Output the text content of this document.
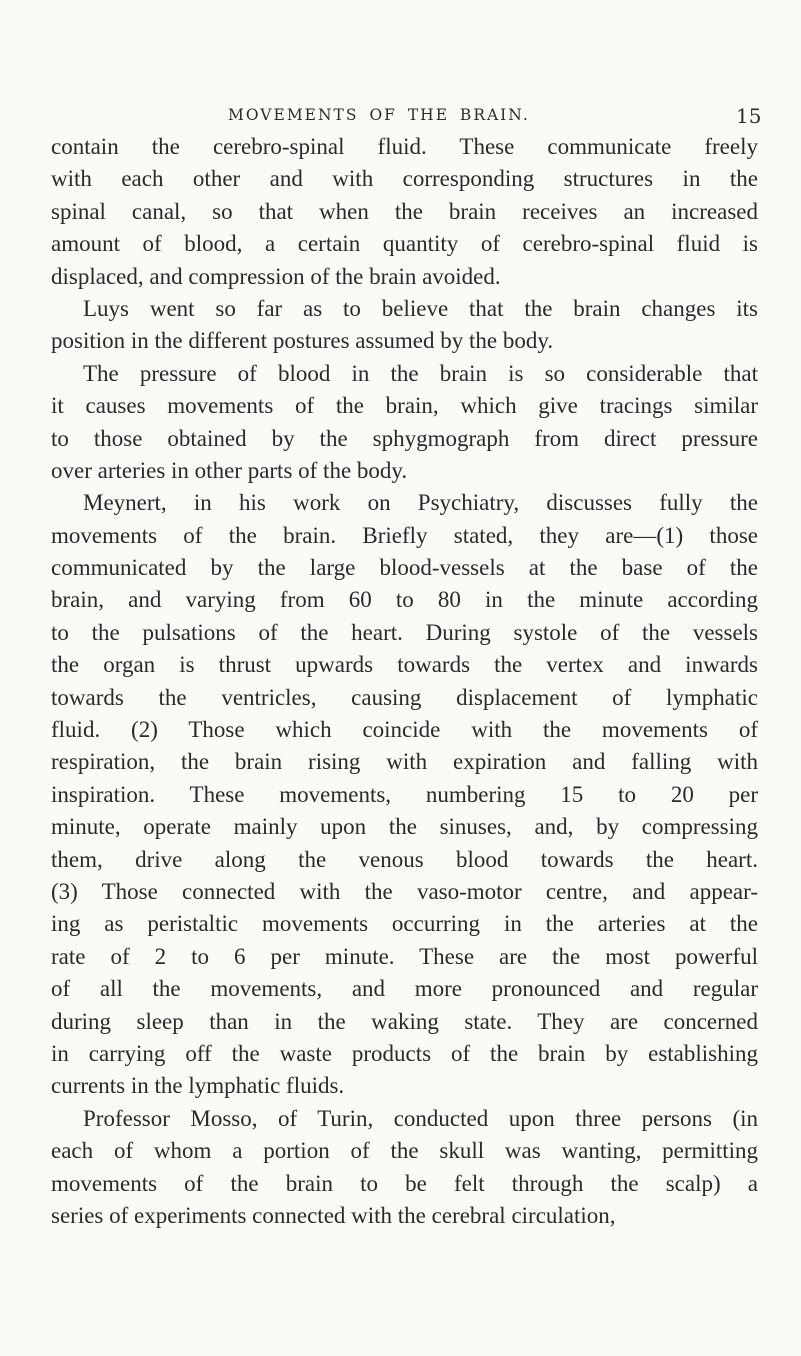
MOVEMENTS OF THE BRAIN.	15
contain the cerebro-spinal fluid. These communicate freely
with each other and with corresponding structures in the
spinal canal, so that when the brain receives an increased
amount of blood, a certain quantity of cerebro-spinal fluid is
displaced, and compression of the brain avoided.
Luys went so far as to believe that the brain changes its
position in the different postures assumed by the body.
The pressure of blood in the brain is so considerable that
it causes movements of the brain, which give tracings similar
to those obtained by the sphygmograph from direct pressure
over arteries in other parts of the body.
Meynert, in his work on Psychiatry, discusses fully the
movements of the brain. Briefly stated, they are—(1) those
communicated by the large blood-vessels at the base of the
brain, and varying from 60 to 80 in the minute according
to the pulsations of the heart. During systole of the vessels
the organ is thrust upwards towards the vertex and inwards
towards the ventricles, causing displacement of lymphatic
fluid. (2) Those which coincide with the movements of
respiration, the brain rising with expiration and falling with
inspiration. These movements, numbering 15 to 20 per
minute, operate mainly upon the sinuses, and, by compressing
them, drive along the venous blood towards the heart.
(3) Those connected with the vaso-motor centre, and appear-
ing as peristaltic movements occurring in the arteries at the
rate of 2 to 6 per minute. These are the most powerful
of all the movements, and more pronounced and regular
during sleep than in the waking state. They are concerned
in carrying off the waste products of the brain by establishing
currents in the lymphatic fluids.
Professor Mosso, of Turin, conducted upon three persons (in
each of whom a portion of the skull was wanting, permitting
movements of the brain to be felt through the scalp) a
series of experiments connected with the cerebral circulation,
